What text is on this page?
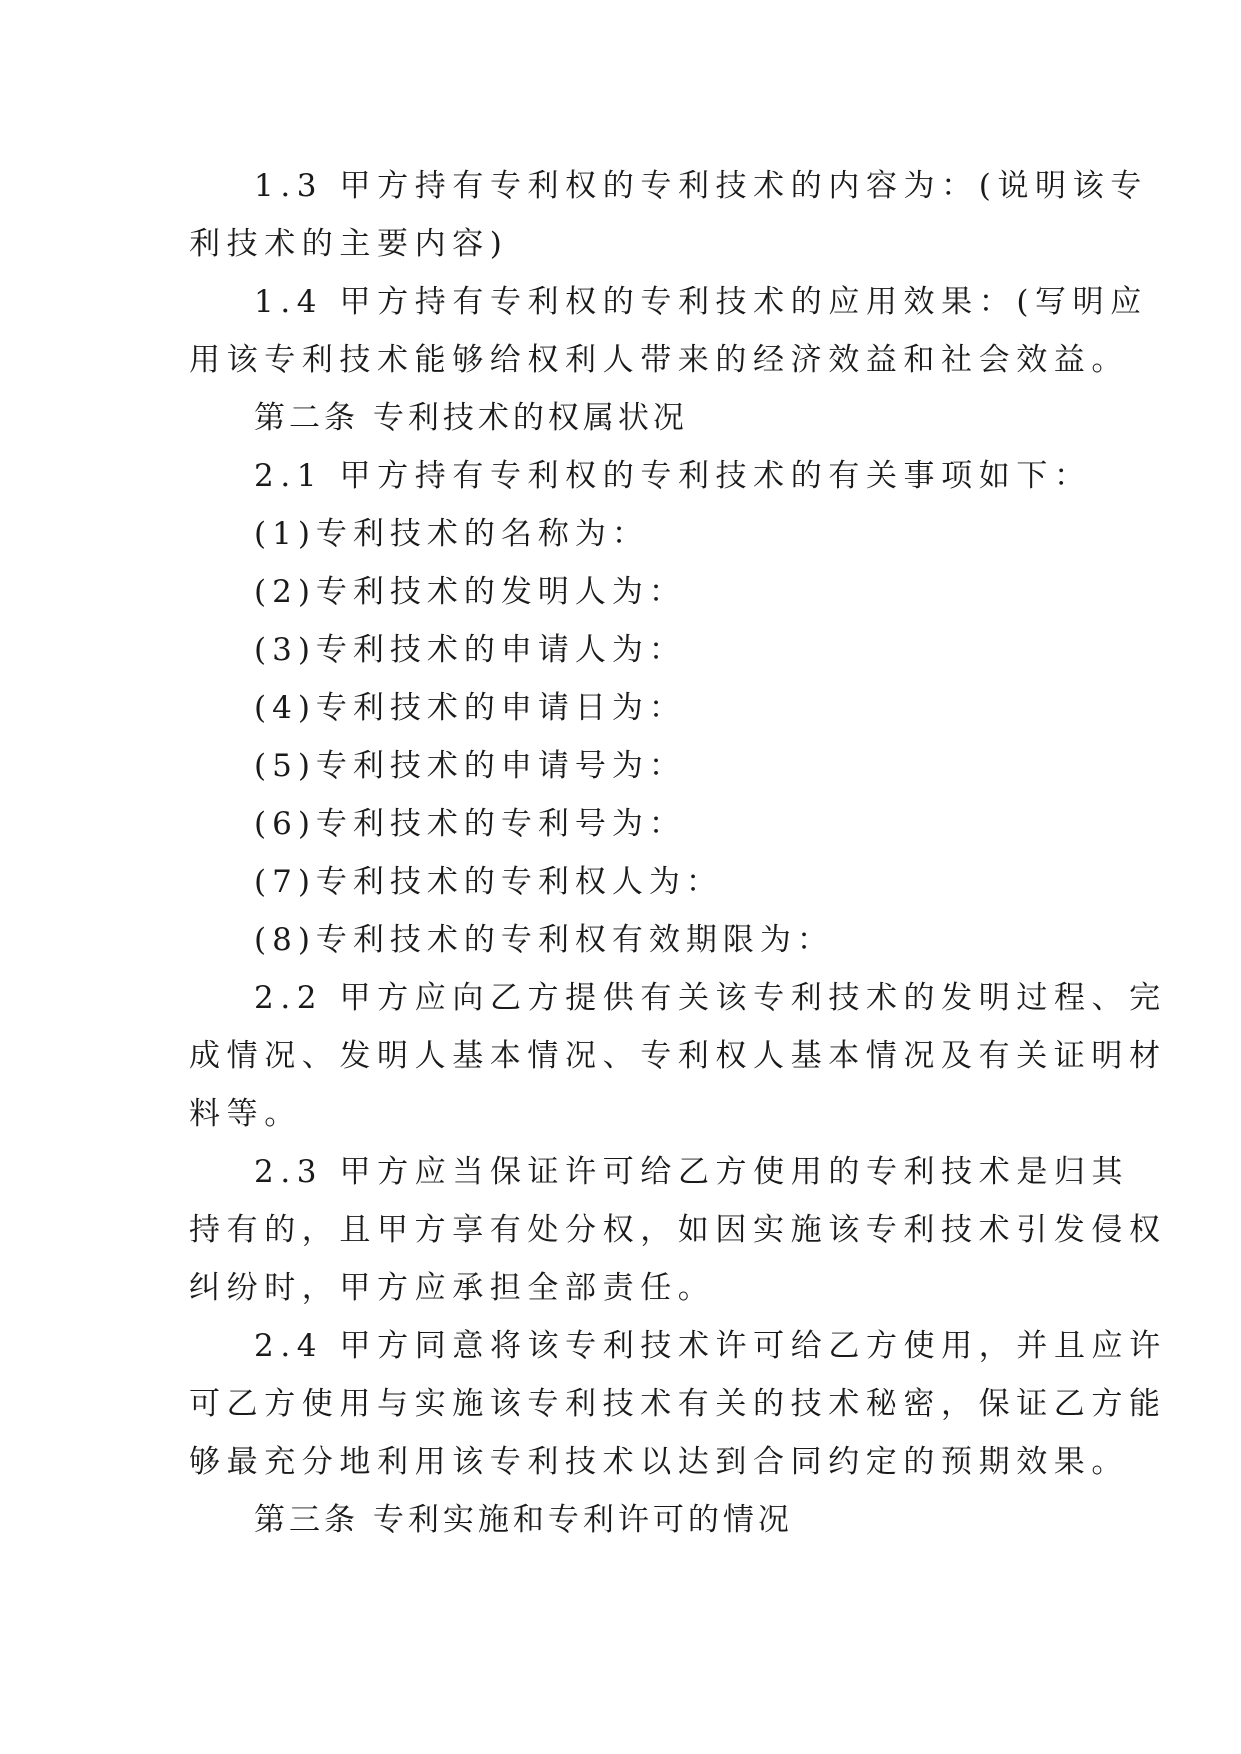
1.3 甲方持有专利权的专利技术的内容为：(说明该专
利技术的主要内容)
1.4 甲方持有专利权的专利技术的应用效果：(写明应
用该专利技术能够给权利人带来的经济效益和社会效益。
第二条 专利技术的权属状况
2.1 甲方持有专利权的专利技术的有关事项如下：
(1)专利技术的名称为：
(2)专利技术的发明人为：
(3)专利技术的申请人为：
(4)专利技术的申请日为：
(5)专利技术的申请号为：
(6)专利技术的专利号为：
(7)专利技术的专利权人为：
(8)专利技术的专利权有效期限为：
2.2 甲方应向乙方提供有关该专利技术的发明过程、完
成情况、发明人基本情况、专利权人基本情况及有关证明材
料等。
2.3 甲方应当保证许可给乙方使用的专利技术是归其
持有的，且甲方享有处分权，如因实施该专利技术引发侵权
纠纷时，甲方应承担全部责任。
2.4 甲方同意将该专利技术许可给乙方使用，并且应许
可乙方使用与实施该专利技术有关的技术秘密，保证乙方能
够最充分地利用该专利技术以达到合同约定的预期效果。
第三条 专利实施和专利许可的情况
